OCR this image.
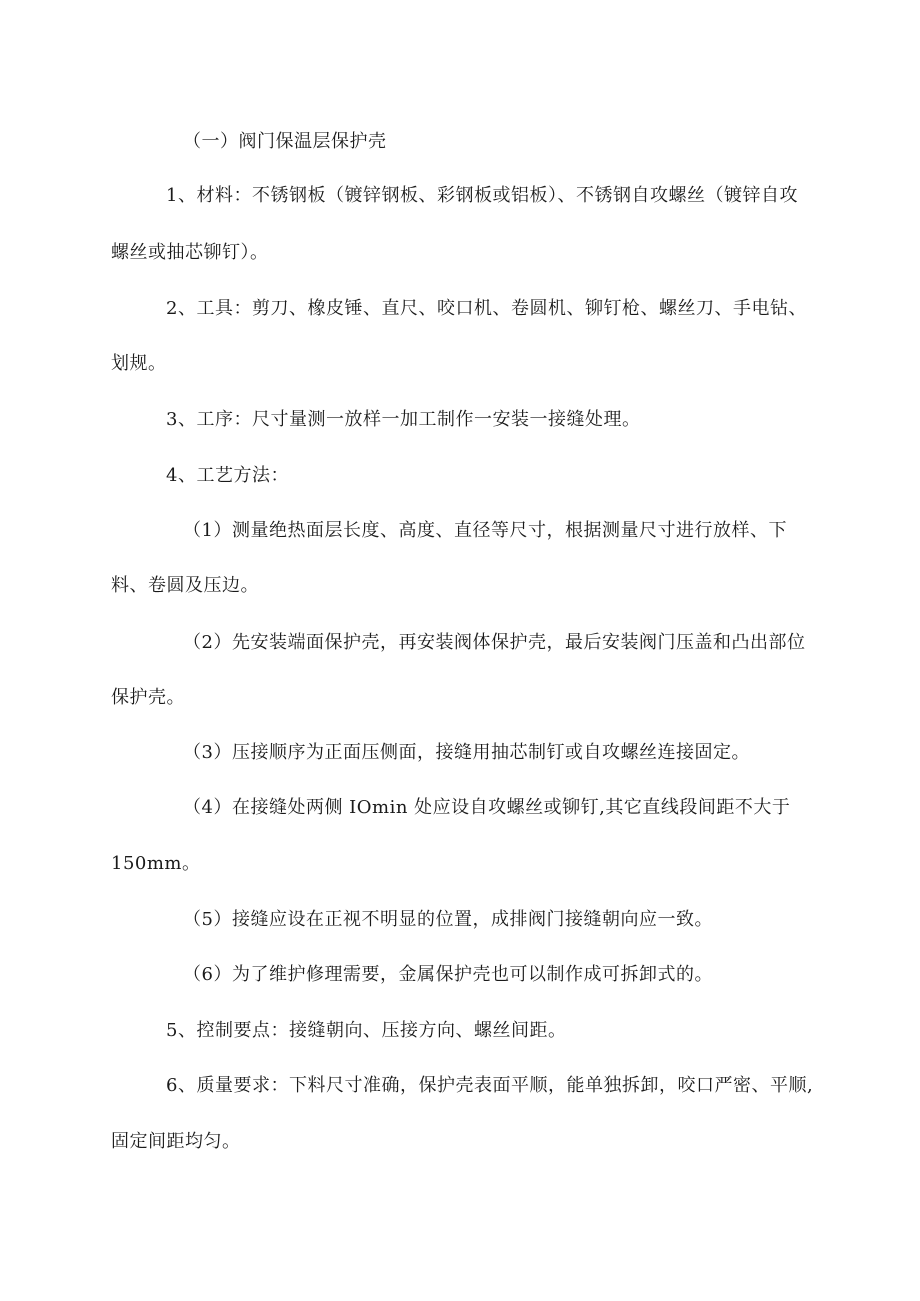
（一）阀门保温层保护壳
1、材料：不锈钢板（镀锌钢板、彩钢板或铝板）、不锈钢自攻螺丝（镀锌自攻
螺丝或抽芯铆钉）。
2、工具：剪刀、橡皮锤、直尺、咬口机、卷圆机、铆钉枪、螺丝刀、手电钻、
划规。
3、工序：尺寸量测一放样一加工制作一安装一接缝处理。
4、工艺方法：
（1）测量绝热面层长度、高度、直径等尺寸，根据测量尺寸进行放样、下
料、卷圆及压边。
（2）先安装端面保护壳，再安装阀体保护壳，最后安装阀门压盖和凸出部位
保护壳。
（3）压接顺序为正面压侧面，接缝用抽芯制钉或自攻螺丝连接固定。
（4）在接缝处两侧 IOmin 处应设自攻螺丝或铆钉,其它直线段间距不大于
150mm。
（5）接缝应设在正视不明显的位置，成排阀门接缝朝向应一致。
（6）为了维护修理需要，金属保护壳也可以制作成可拆卸式的。
5、控制要点：接缝朝向、压接方向、螺丝间距。
6、质量要求：下料尺寸准确，保护壳表面平顺，能单独拆卸，咬口严密、平顺,
固定间距均匀。
